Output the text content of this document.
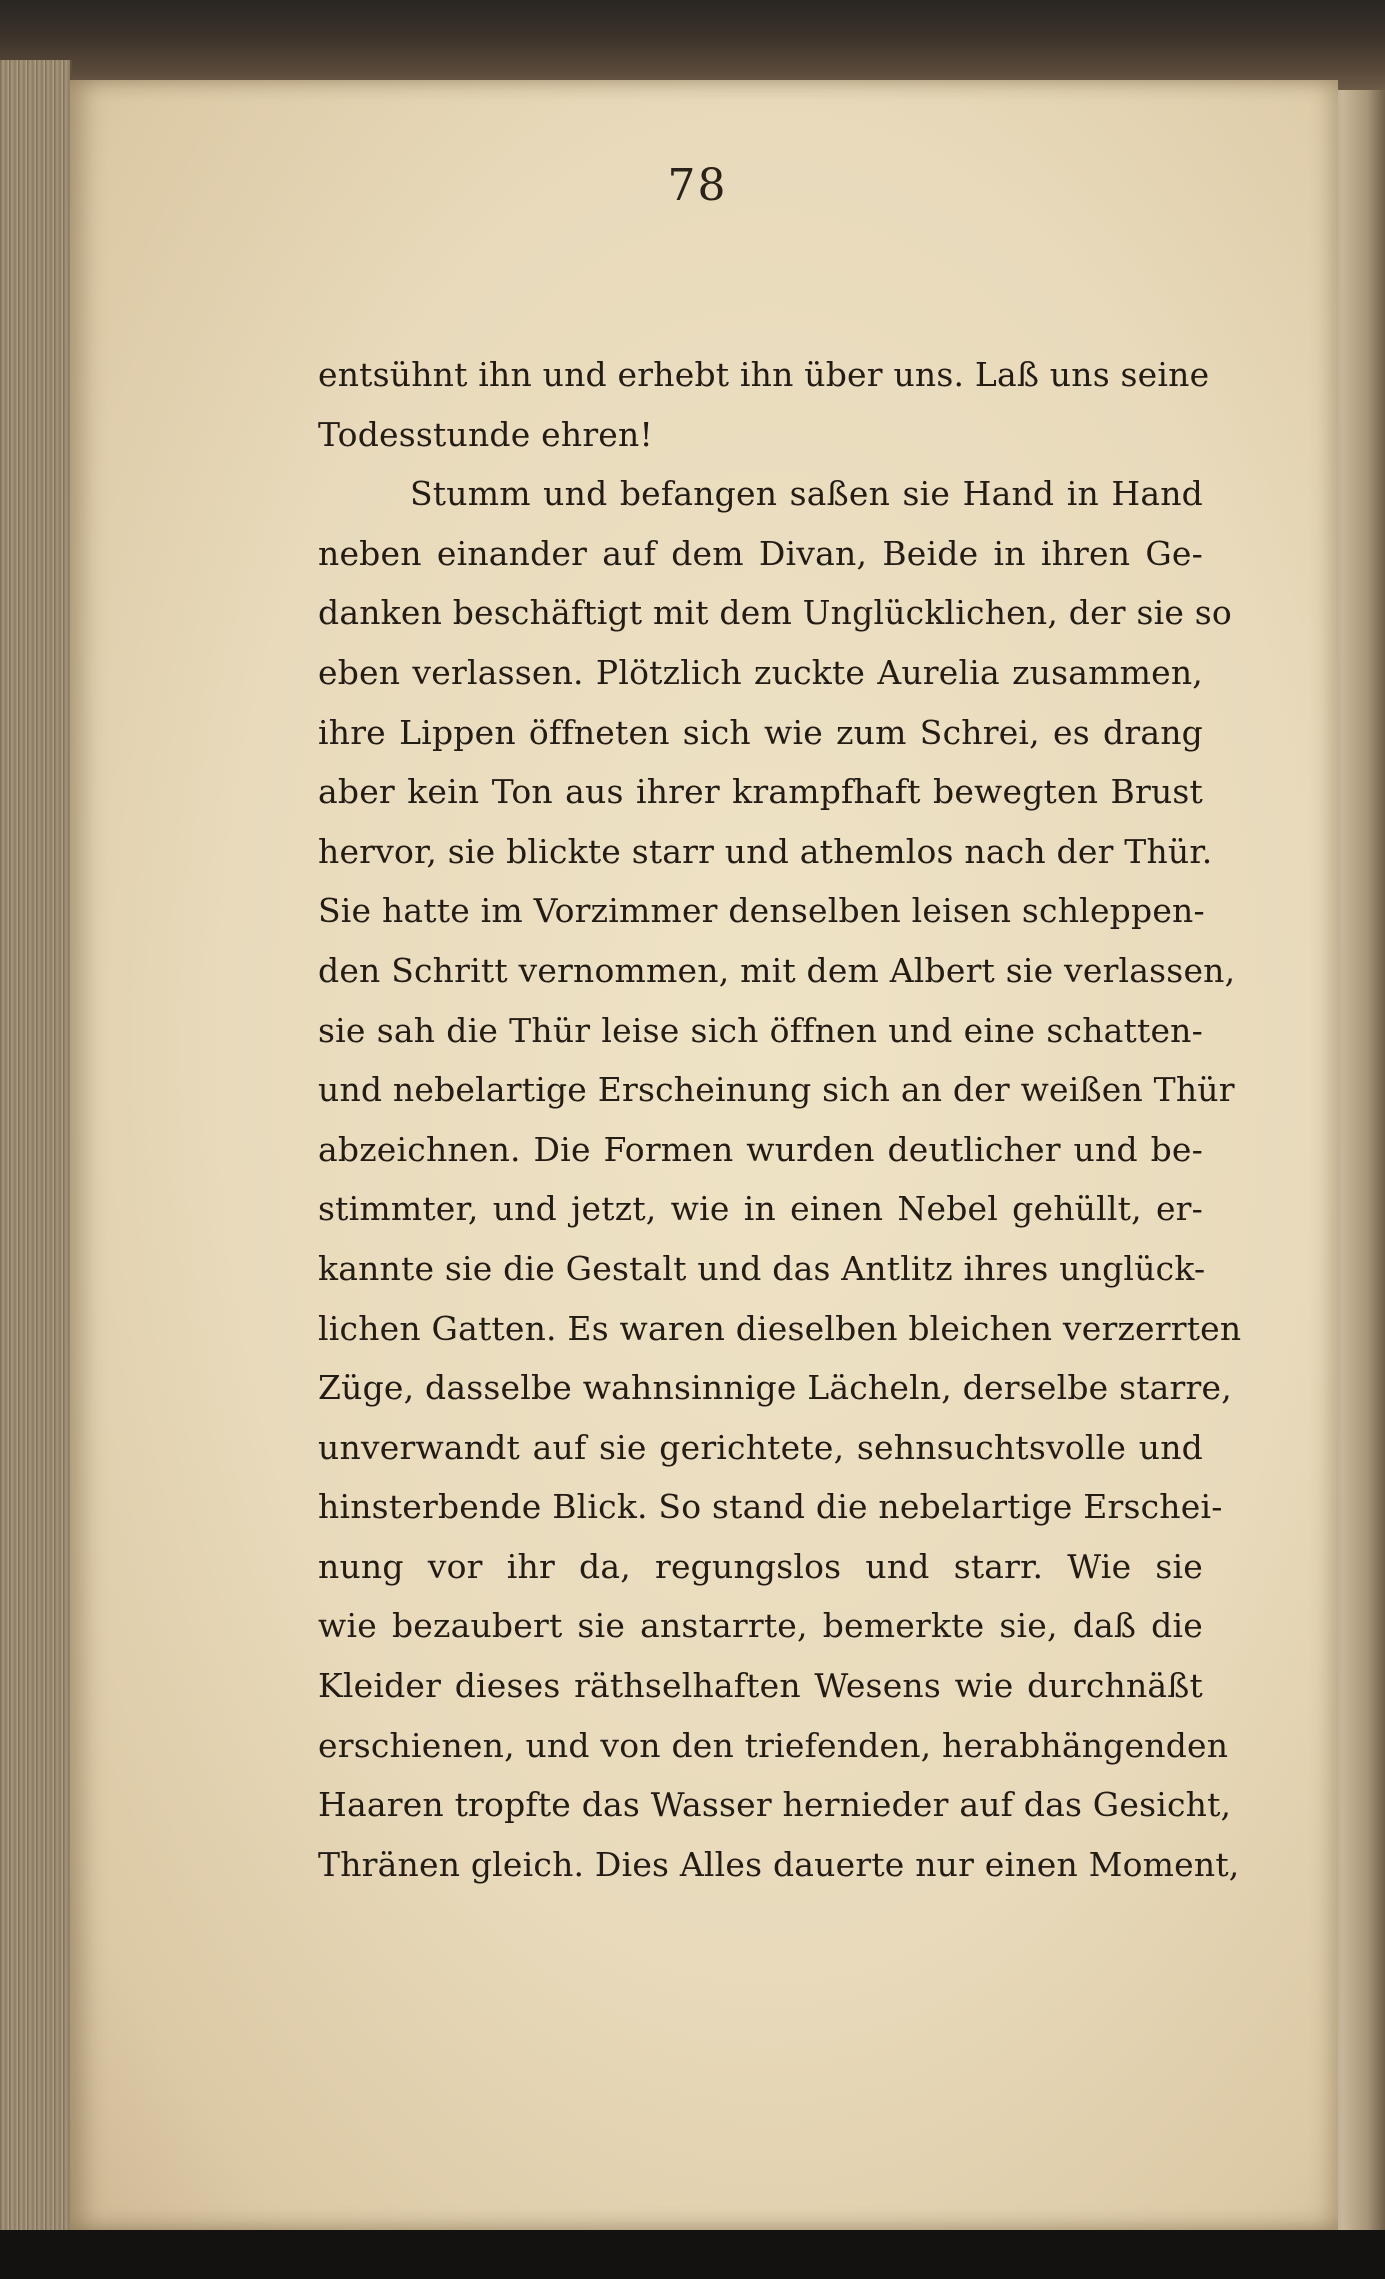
78
entsühnt ihn und erhebt ihn über uns. Laß uns seine
Todesstunde ehren!
Stumm und befangen saßen sie Hand in Hand
neben einander auf dem Divan, Beide in ihren Ge-
danken beschäftigt mit dem Unglücklichen, der sie so
eben verlassen. Plötzlich zuckte Aurelia zusammen,
ihre Lippen öffneten sich wie zum Schrei, es drang
aber kein Ton aus ihrer krampfhaft bewegten Brust
hervor, sie blickte starr und athemlos nach der Thür.
Sie hatte im Vorzimmer denselben leisen schleppen-
den Schritt vernommen, mit dem Albert sie verlassen,
sie sah die Thür leise sich öffnen und eine schatten-
und nebelartige Erscheinung sich an der weißen Thür
abzeichnen. Die Formen wurden deutlicher und be-
stimmter, und jetzt, wie in einen Nebel gehüllt, er-
kannte sie die Gestalt und das Antlitz ihres unglück-
lichen Gatten. Es waren dieselben bleichen verzerrten
Züge, dasselbe wahnsinnige Lächeln, derselbe starre,
unverwandt auf sie gerichtete, sehnsuchtsvolle und
hinsterbende Blick. So stand die nebelartige Erschei-
nung vor ihr da, regungslos und starr. Wie sie
wie bezaubert sie anstarrte, bemerkte sie, daß die
Kleider dieses räthselhaften Wesens wie durchnäßt
erschienen, und von den triefenden, herabhängenden
Haaren tropfte das Wasser hernieder auf das Gesicht,
Thränen gleich. Dies Alles dauerte nur einen Moment,
